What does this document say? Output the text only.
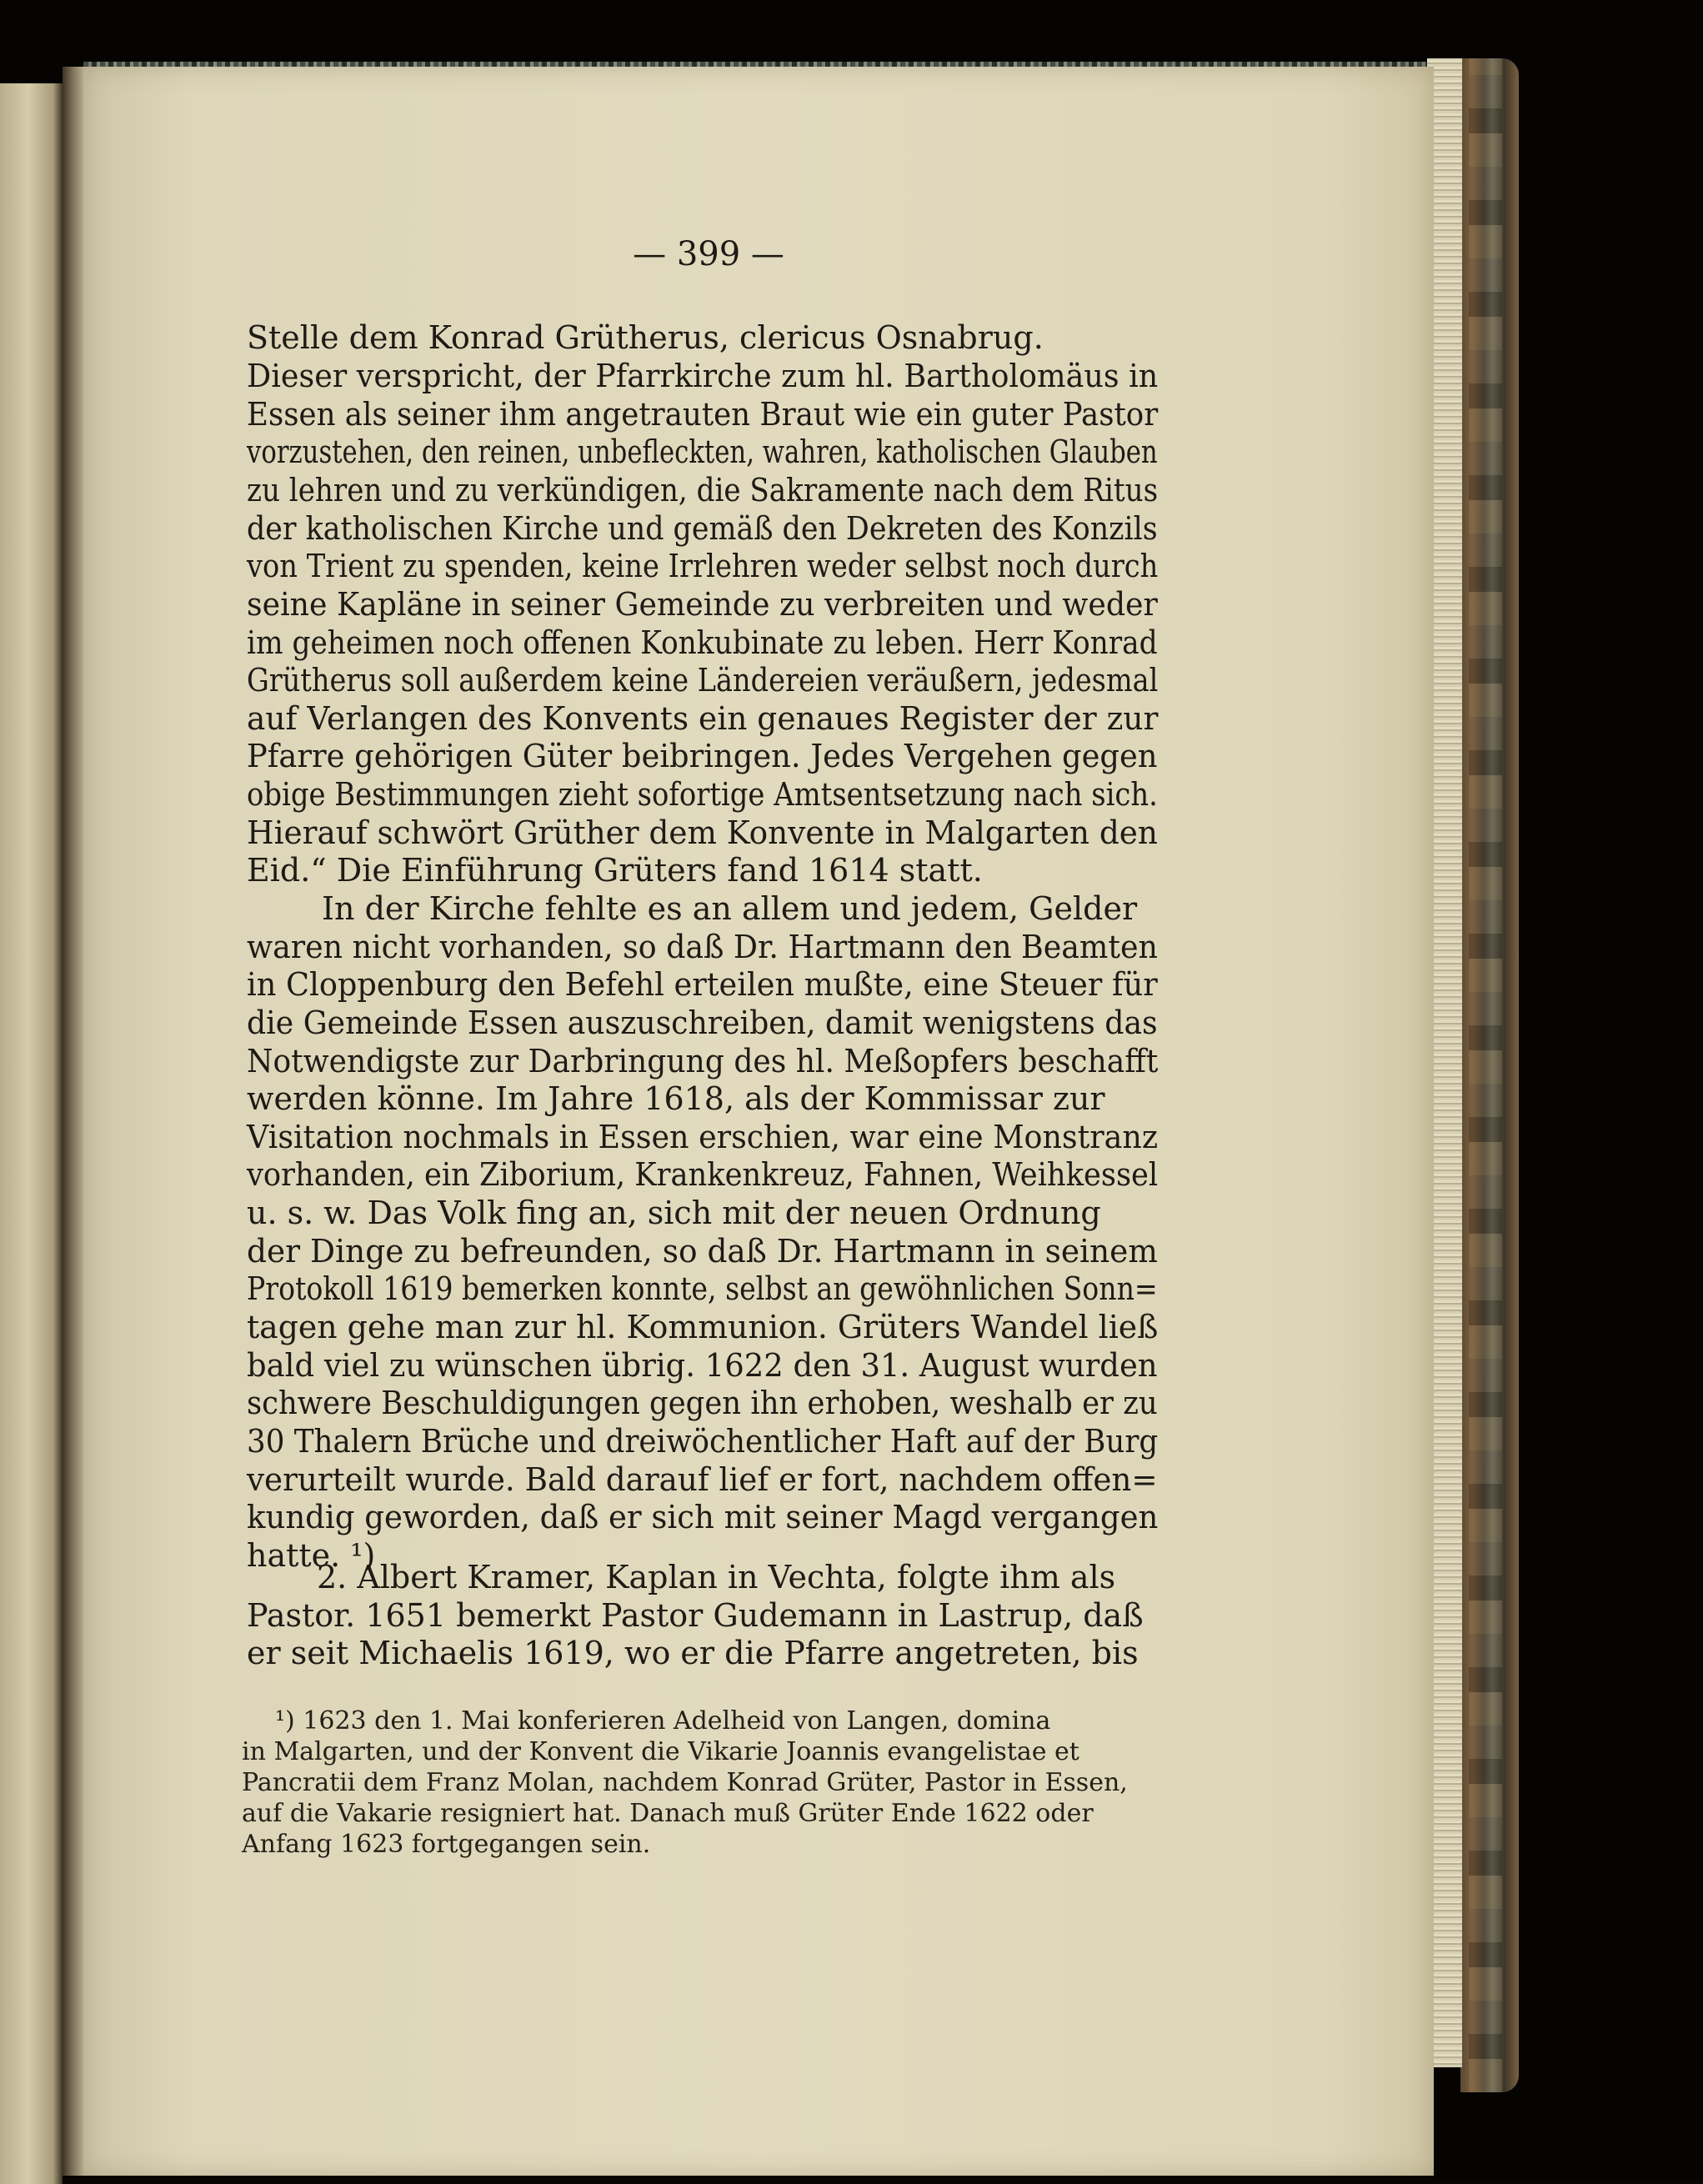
— 399 —
Stelle dem Konrad Grütherus, clericus Osnabrug.
Dieser verspricht, der Pfarrkirche zum hl. Bartholomäus in
Essen als seiner ihm angetrauten Braut wie ein guter Pastor
vorzustehen, den reinen, unbefleckten, wahren, katholischen Glauben
zu lehren und zu verkündigen, die Sakramente nach dem Ritus
der katholischen Kirche und gemäß den Dekreten des Konzils
von Trient zu spenden, keine Irrlehren weder selbst noch durch
seine Kapläne in seiner Gemeinde zu verbreiten und weder
im geheimen noch offenen Konkubinate zu leben. Herr Konrad
Grütherus soll außerdem keine Ländereien veräußern, jedesmal
auf Verlangen des Konvents ein genaues Register der zur
Pfarre gehörigen Güter beibringen. Jedes Vergehen gegen
obige Bestimmungen zieht sofortige Amtsentsetzung nach sich.
Hierauf schwört Grüther dem Konvente in Malgarten den
Eid.“ Die Einführung Grüters fand 1614 statt.
In der Kirche fehlte es an allem und jedem, Gelder
waren nicht vorhanden, so daß Dr. Hartmann den Beamten
in Cloppenburg den Befehl erteilen mußte, eine Steuer für
die Gemeinde Essen auszuschreiben, damit wenigstens das
Notwendigste zur Darbringung des hl. Meßopfers beschafft
werden könne. Im Jahre 1618, als der Kommissar zur
Visitation nochmals in Essen erschien, war eine Monstranz
vorhanden, ein Ziborium, Krankenkreuz, Fahnen, Weihkessel
u. s. w. Das Volk fing an, sich mit der neuen Ordnung
der Dinge zu befreunden, so daß Dr. Hartmann in seinem
Protokoll 1619 bemerken konnte, selbst an gewöhnlichen Sonn=
tagen gehe man zur hl. Kommunion. Grüters Wandel ließ
bald viel zu wünschen übrig. 1622 den 31. August wurden
schwere Beschuldigungen gegen ihn erhoben, weshalb er zu
30 Thalern Brüche und dreiwöchentlicher Haft auf der Burg
verurteilt wurde. Bald darauf lief er fort, nachdem offen=
kundig geworden, daß er sich mit seiner Magd vergangen
hatte. ¹)
2. Albert Kramer, Kaplan in Vechta, folgte ihm als
Pastor. 1651 bemerkt Pastor Gudemann in Lastrup, daß
er seit Michaelis 1619, wo er die Pfarre angetreten, bis
¹) 1623 den 1. Mai konferieren Adelheid von Langen, domina
in Malgarten, und der Konvent die Vikarie Joannis evangelistae et
Pancratii dem Franz Molan, nachdem Konrad Grüter, Pastor in Essen,
auf die Vakarie resigniert hat. Danach muß Grüter Ende 1622 oder
Anfang 1623 fortgegangen sein.
